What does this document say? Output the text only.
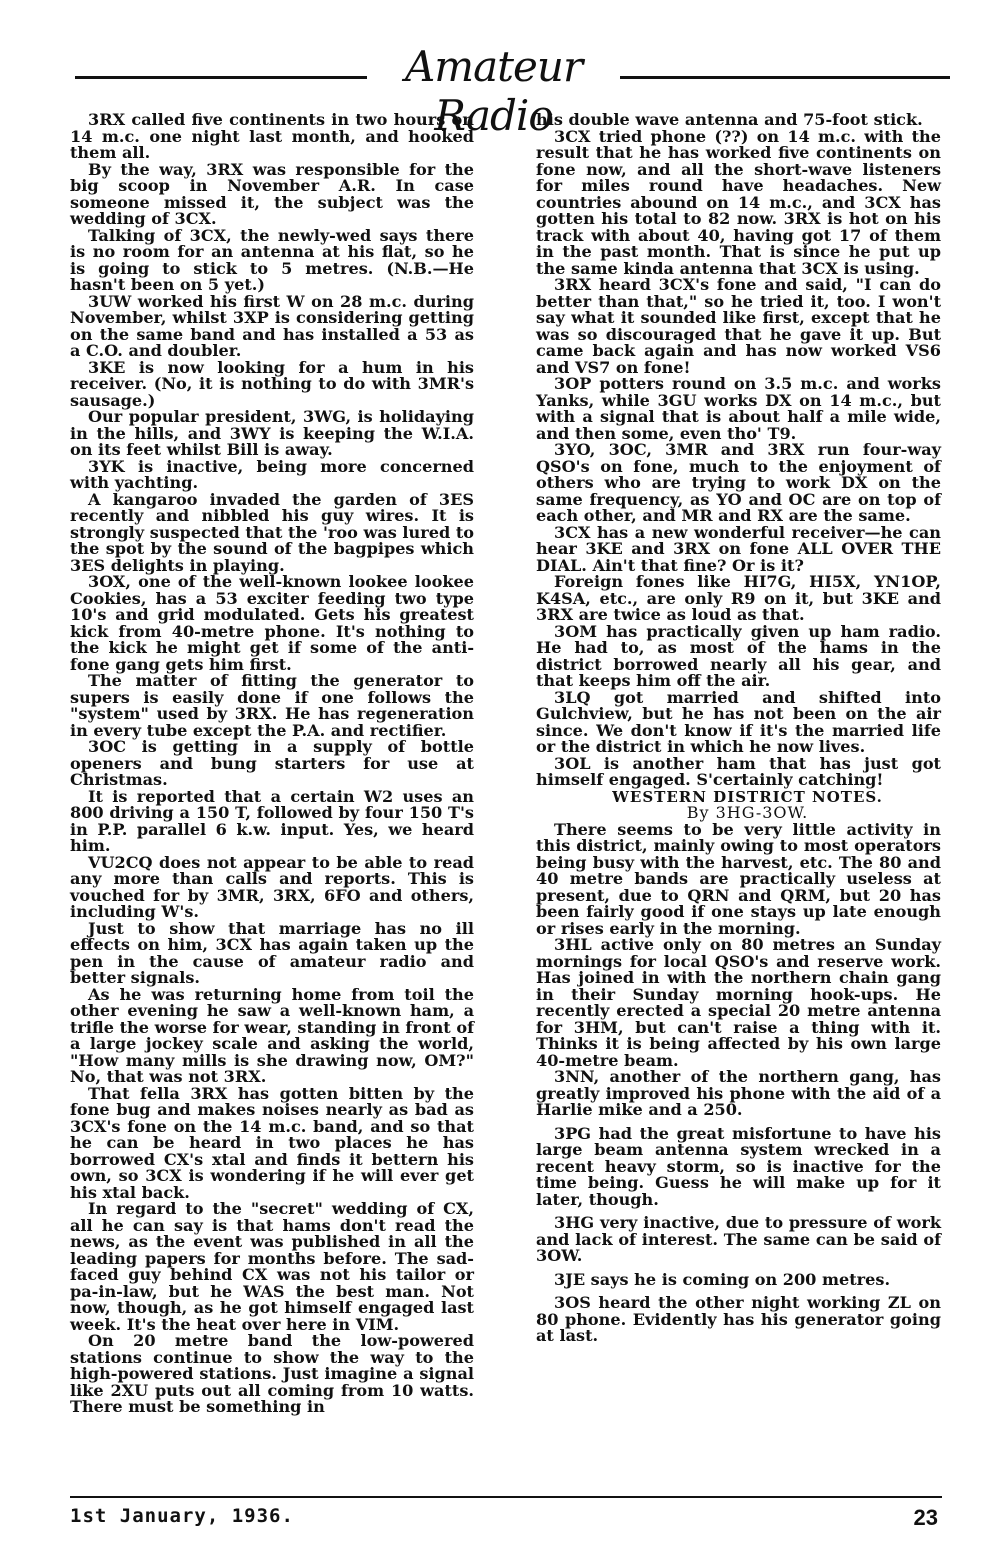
Amateur Radio

3RX called five continents in two hours on 14 m.c. one night last month, and hooked them all.

By the way, 3RX was responsible for the big scoop in November A.R. In case someone missed it, the subject was the wedding of 3CX.

Talking of 3CX, the newly-wed says there is no room for an antenna at his flat, so he is going to stick to 5 metres. (N.B.—He hasn't been on 5 yet.)

3UW worked his first W on 28 m.c. during November, whilst 3XP is considering getting on the same band and has installed a 53 as a C.O. and doubler.

3KE is now looking for a hum in his receiver. (No, it is nothing to do with 3MR's sausage.)

Our popular president, 3WG, is holidaying in the hills, and 3WY is keeping the W.I.A. on its feet whilst Bill is away.

3YK is inactive, being more concerned with yachting.

A kangaroo invaded the garden of 3ES recently and nibbled his guy wires. It is strongly suspected that the 'roo was lured to the spot by the sound of the bagpipes which 3ES delights in playing.

3OX, one of the well-known lookee lookee Cookies, has a 53 exciter feeding two type 10's and grid modulated. Gets his greatest kick from 40-metre phone. It's nothing to the kick he might get if some of the anti-fone gang gets him first.

The matter of fitting the generator to supers is easily done if one follows the "system" used by 3RX. He has regeneration in every tube except the P.A. and rectifier.

3OC is getting in a supply of bottle openers and bung starters for use at Christmas.

It is reported that a certain W2 uses an 800 driving a 150 T, followed by four 150 T's in P.P. parallel 6 k.w. input. Yes, we heard him.

VU2CQ does not appear to be able to read any more than calls and reports. This is vouched for by 3MR, 3RX, 6FO and others, including W's.

Just to show that marriage has no ill effects on him, 3CX has again taken up the pen in the cause of amateur radio and better signals.

As he was returning home from toil the other evening he saw a well-known ham, a trifle the worse for wear, standing in front of a large jockey scale and asking the world, "How many mills is she drawing now, OM?" No, that was not 3RX.

That fella 3RX has gotten bitten by the fone bug and makes noises nearly as bad as 3CX's fone on the 14 m.c. band, and so that he can be heard in two places he has borrowed CX's xtal and finds it bettern his own, so 3CX is wondering if he will ever get his xtal back.

In regard to the "secret" wedding of CX, all he can say is that hams don't read the news, as the event was published in all the leading papers for months before. The sad-faced guy behind CX was not his tailor or pa-in-law, but he WAS the best man. Not now, though, as he got himself engaged last week. It's the heat over here in VIM.

On 20 metre band the low-powered stations continue to show the way to the high-powered stations. Just imagine a signal like 2XU puts out all coming from 10 watts. There must be something in

his double wave antenna and 75-foot stick.

3CX tried phone (??) on 14 m.c. with the result that he has worked five continents on fone now, and all the short-wave listeners for miles round have headaches. New countries abound on 14 m.c., and 3CX has gotten his total to 82 now. 3RX is hot on his track with about 40, having got 17 of them in the past month. That is since he put up the same kinda antenna that 3CX is using.

3RX heard 3CX's fone and said, "I can do better than that," so he tried it, too. I won't say what it sounded like first, except that he was so discouraged that he gave it up. But came back again and has now worked VS6 and VS7 on fone!

3OP potters round on 3.5 m.c. and works Yanks, while 3GU works DX on 14 m.c., but with a signal that is about half a mile wide, and then some, even tho' T9.

3YO, 3OC, 3MR and 3RX run four-way QSO's on fone, much to the enjoyment of others who are trying to work DX on the same frequency, as YO and OC are on top of each other, and MR and RX are the same.

3CX has a new wonderful receiver—he can hear 3KE and 3RX on fone ALL OVER THE DIAL. Ain't that fine? Or is it?

Foreign fones like HI7G, HI5X, YN1OP, K4SA, etc., are only R9 on it, but 3KE and 3RX are twice as loud as that.

3OM has practically given up ham radio. He had to, as most of the hams in the district borrowed nearly all his gear, and that keeps him off the air.

3LQ got married and shifted into Gulchview, but he has not been on the air since. We don't know if it's the married life or the district in which he now lives.

3OL is another ham that has just got himself engaged. S'certainly catching!

WESTERN DISTRICT NOTES.

By 3HG-3OW.

There seems to be very little activity in this district, mainly owing to most operators being busy with the harvest, etc. The 80 and 40 metre bands are practically useless at present, due to QRN and QRM, but 20 has been fairly good if one stays up late enough or rises early in the morning.

3HL active only on 80 metres an Sunday mornings for local QSO's and reserve work. Has joined in with the northern chain gang in their Sunday morning hook-ups. He recently erected a special 20 metre antenna for 3HM, but can't raise a thing with it. Thinks it is being affected by his own large 40-metre beam.

3NN, another of the northern gang, has greatly improved his phone with the aid of a Harlie mike and a 250.

3PG had the great misfortune to have his large beam antenna system wrecked in a recent heavy storm, so is inactive for the time being. Guess he will make up for it later, though.

3HG very inactive, due to pressure of work and lack of interest. The same can be said of 3OW.

3JE says he is coming on 200 metres.

3OS heard the other night working ZL on 80 phone. Evidently has his generator going at last.

1st January, 1936.	23
